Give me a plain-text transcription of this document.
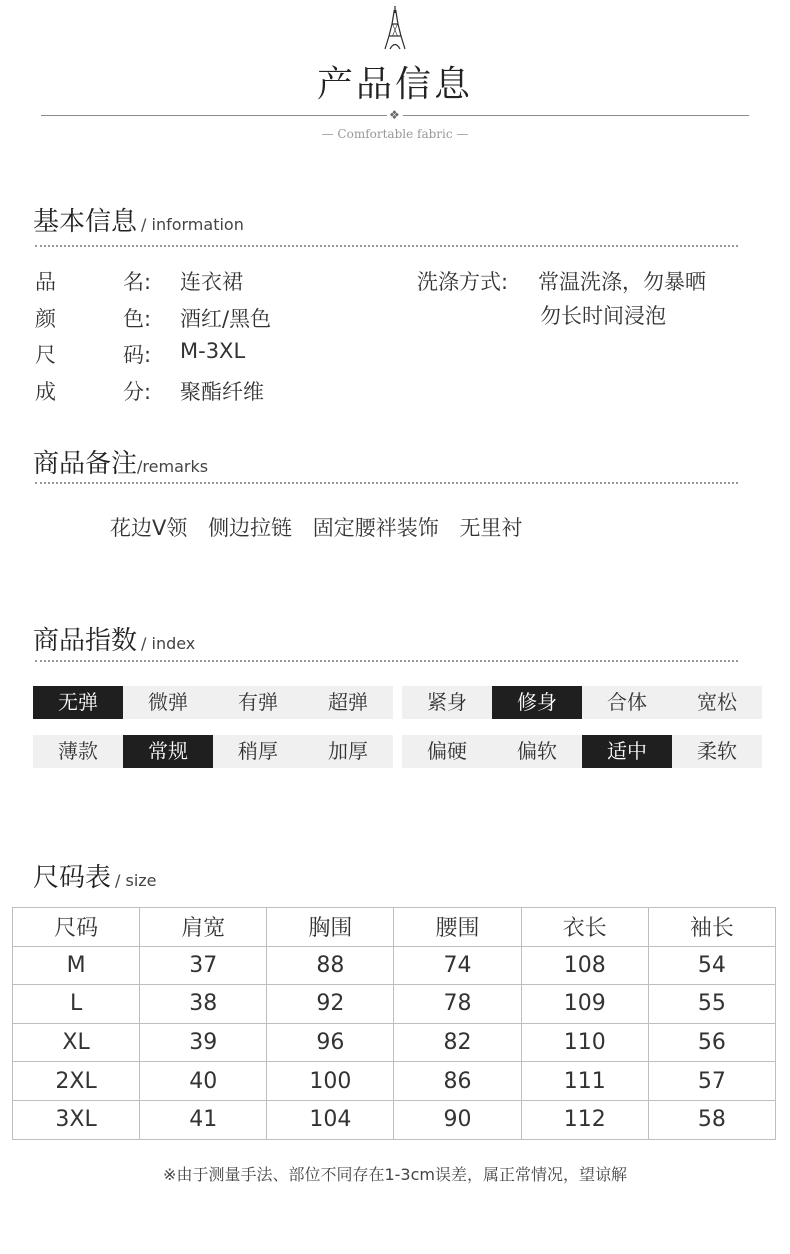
产品信息
❖
— Comfortable fabric —
基本信息 / information
品	名: 连衣裙
颜	色: 酒红/黑色
尺	码: M-3XL
成	分: 聚酯纤维
洗涤方式: 常温洗涤，勿暴晒
勿长时间浸泡
商品备注/remarks
花边V领 侧边拉链 固定腰袢装饰 无里衬
商品指数 / index
无弹	微弹	有弹	超弹	紧身	修身	合体	宽松
薄款	常规	稍厚	加厚	偏硬	偏软	适中	柔软
尺码表 / size
尺码	肩宽	胸围	腰围	衣长	袖长
M	37	88	74	108	54
L	38	92	78	109	55
XL	39	96	82	110	56
2XL	40	100	86	111	57
3XL	41	104	90	112	58
※由于测量手法、部位不同存在1-3cm误差，属正常情况，望谅解
